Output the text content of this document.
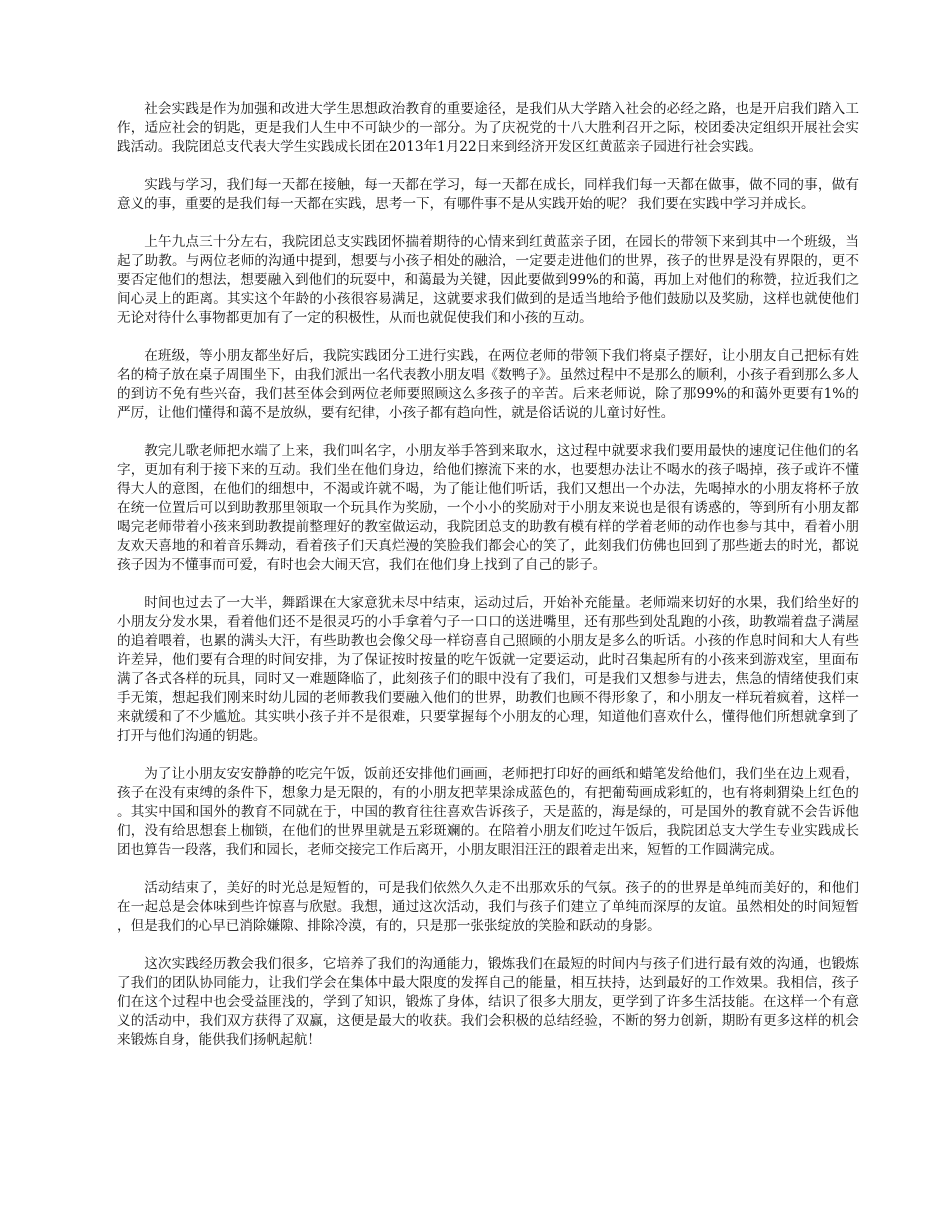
社会实践是作为加强和改进大学生思想政治教育的重要途径，是我们从大学踏入社会的必经之路，也是开启我们踏入工作，适应社会的钥匙，更是我们人生中不可缺少的一部分。为了庆祝党的十八大胜利召开之际，校团委决定组织开展社会实践活动。我院团总支代表大学生实践成长团在2013年1月22日来到经济开发区红黄蓝亲子园进行社会实践。

实践与学习，我们每一天都在接触，每一天都在学习，每一天都在成长，同样我们每一天都在做事，做不同的事，做有意义的事，重要的是我们每一天都在实践，思考一下，有哪件事不是从实践开始的呢？ 我们要在实践中学习并成长。

上午九点三十分左右，我院团总支实践团怀揣着期待的心情来到红黄蓝亲子团，在园长的带领下来到其中一个班级，当起了助教。与两位老师的沟通中提到，想要与小孩子相处的融洽，一定要走进他们的世界，孩子的世界是没有界限的，更不要否定他们的想法，想要融入到他们的玩耍中，和蔼最为关键，因此要做到99%的和蔼，再加上对他们的称赞，拉近我们之间心灵上的距离。其实这个年龄的小孩很容易满足，这就要求我们做到的是适当地给予他们鼓励以及奖励，这样也就使他们无论对待什么事物都更加有了一定的积极性，从而也就促使我们和小孩的互动。

在班级，等小朋友都坐好后，我院实践团分工进行实践，在两位老师的带领下我们将桌子摆好，让小朋友自己把标有姓名的椅子放在桌子周围坐下，由我们派出一名代表教小朋友唱《数鸭子》。虽然过程中不是那么的顺利，小孩子看到那么多人的到访不免有些兴奋，我们甚至体会到两位老师要照顾这么多孩子的辛苦。后来老师说，除了那99%的和蔼外更要有1%的严厉，让他们懂得和蔼不是放纵，要有纪律，小孩子都有趋向性，就是俗话说的儿童讨好性。

教完儿歌老师把水端了上来，我们叫名字，小朋友举手答到来取水，这过程中就要求我们要用最快的速度记住他们的名字，更加有利于接下来的互动。我们坐在他们身边，给他们擦流下来的水，也要想办法让不喝水的孩子喝掉，孩子或许不懂得大人的意图，在他们的细想中，不渴或许就不喝，为了能让他们听话，我们又想出一个办法，先喝掉水的小朋友将杯子放在统一位置后可以到助教那里领取一个玩具作为奖励，一个小小的奖励对于小朋友来说也是很有诱惑的，等到所有小朋友都喝完老师带着小孩来到助教提前整理好的教室做运动，我院团总支的助教有模有样的学着老师的动作也参与其中，看着小朋友欢天喜地的和着音乐舞动，看着孩子们天真烂漫的笑脸我们都会心的笑了，此刻我们仿佛也回到了那些逝去的时光，都说孩子因为不懂事而可爱，有时也会大闹天宫，我们在他们身上找到了自己的影子。

时间也过去了一大半，舞蹈课在大家意犹未尽中结束，运动过后，开始补充能量。老师端来切好的水果，我们给坐好的小朋友分发水果，看着他们还不是很灵巧的小手拿着勺子一口口的送进嘴里，还有那些到处乱跑的小孩，助教端着盘子满屋的追着喂着，也累的满头大汗，有些助教也会像父母一样窃喜自己照顾的小朋友是多么的听话。小孩的作息时间和大人有些许差异，他们要有合理的时间安排，为了保证按时按量的吃午饭就一定要运动，此时召集起所有的小孩来到游戏室，里面布满了各式各样的玩具，同时又一难题降临了，此刻孩子们的眼中没有了我们，可是我们又想参与进去，焦急的情绪使我们束手无策，想起我们刚来时幼儿园的老师教我们要融入他们的世界，助教们也顾不得形象了，和小朋友一样玩着疯着，这样一来就缓和了不少尴尬。其实哄小孩子并不是很难，只要掌握每个小朋友的心理，知道他们喜欢什么，懂得他们所想就拿到了打开与他们沟通的钥匙。

为了让小朋友安安静静的吃完午饭，饭前还安排他们画画，老师把打印好的画纸和蜡笔发给他们，我们坐在边上观看，孩子在没有束缚的条件下，想象力是无限的，有的小朋友把苹果涂成蓝色的，有把葡萄画成彩虹的，也有将刺猬染上红色的。其实中国和国外的教育不同就在于，中国的教育往往喜欢告诉孩子，天是蓝的，海是绿的，可是国外的教育就不会告诉他们，没有给思想套上枷锁，在他们的世界里就是五彩斑斓的。在陪着小朋友们吃过午饭后，我院团总支大学生专业实践成长团也算告一段落，我们和园长，老师交接完工作后离开，小朋友眼泪汪汪的跟着走出来，短暂的工作圆满完成。

活动结束了，美好的时光总是短暂的，可是我们依然久久走不出那欢乐的气氛。孩子的的世界是单纯而美好的，和他们在一起总是会体味到些许惊喜与欣慰。我想，通过这次活动，我们与孩子们建立了单纯而深厚的友谊。虽然相处的时间短暂，但是我们的心早已消除嫌隙、排除冷漠，有的，只是那一张张绽放的笑脸和跃动的身影。

这次实践经历教会我们很多，它培养了我们的沟通能力，锻炼我们在最短的时间内与孩子们进行最有效的沟通，也锻炼了我们的团队协同能力，让我们学会在集体中最大限度的发挥自己的能量，相互扶持，达到最好的工作效果。我相信，孩子们在这个过程中也会受益匪浅的，学到了知识，锻炼了身体，结识了很多大朋友，更学到了许多生活技能。在这样一个有意义的活动中，我们双方获得了双赢，这便是最大的收获。我们会积极的总结经验，不断的努力创新，期盼有更多这样的机会来锻炼自身，能供我们扬帆起航！
